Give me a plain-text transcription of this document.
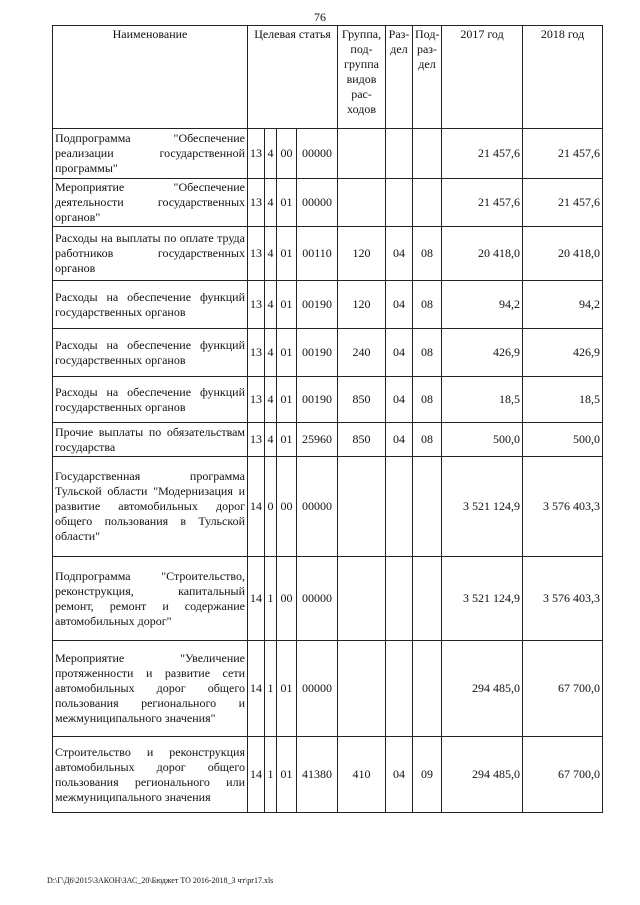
76
Наименование	Целевая статья				Группа, под-группа видов рас-ходов	Раз-дел	Под-раз-дел	2017 год	2018 год
Подпрограмма "Обеспечение реализации государственной программы"	13	4	00	00000				21 457,6	21 457,6
Мероприятие "Обеспечение деятельности государственных органов"	13	4	01	00000				21 457,6	21 457,6
Расходы на выплаты по оплате труда работников государственных органов	13	4	01	00110	120	04	08	20 418,0	20 418,0
Расходы на обеспечение функций государственных органов	13	4	01	00190	120	04	08	94,2	94,2
Расходы на обеспечение функций государственных органов	13	4	01	00190	240	04	08	426,9	426,9
Расходы на обеспечение функций государственных органов	13	4	01	00190	850	04	08	18,5	18,5
Прочие выплаты по обязательствам государства	13	4	01	25960	850	04	08	500,0	500,0
Государственная программа Тульской области "Модернизация и развитие автомобильных дорог общего пользования в Тульской области"	14	0	00	00000				3 521 124,9	3 576 403,3
Подпрограмма "Строительство, реконструкция, капитальный ремонт, ремонт и содержание автомобильных дорог"	14	1	00	00000				3 521 124,9	3 576 403,3
Мероприятие "Увеличение протяженности и развитие сети автомобильных дорог общего пользования регионального и межмуниципального значения"	14	1	01	00000				294 485,0	67 700,0
Строительство и реконструкция автомобильных дорог общего пользования регионального или межмуниципального значения	14	1	01	41380	410	04	09	294 485,0	67 700,0
D:\Г\Д6\2015\ЗАКОН\ЗАС_20\Бюджет ТО 2016-2018_3 чт\рr17.xls
